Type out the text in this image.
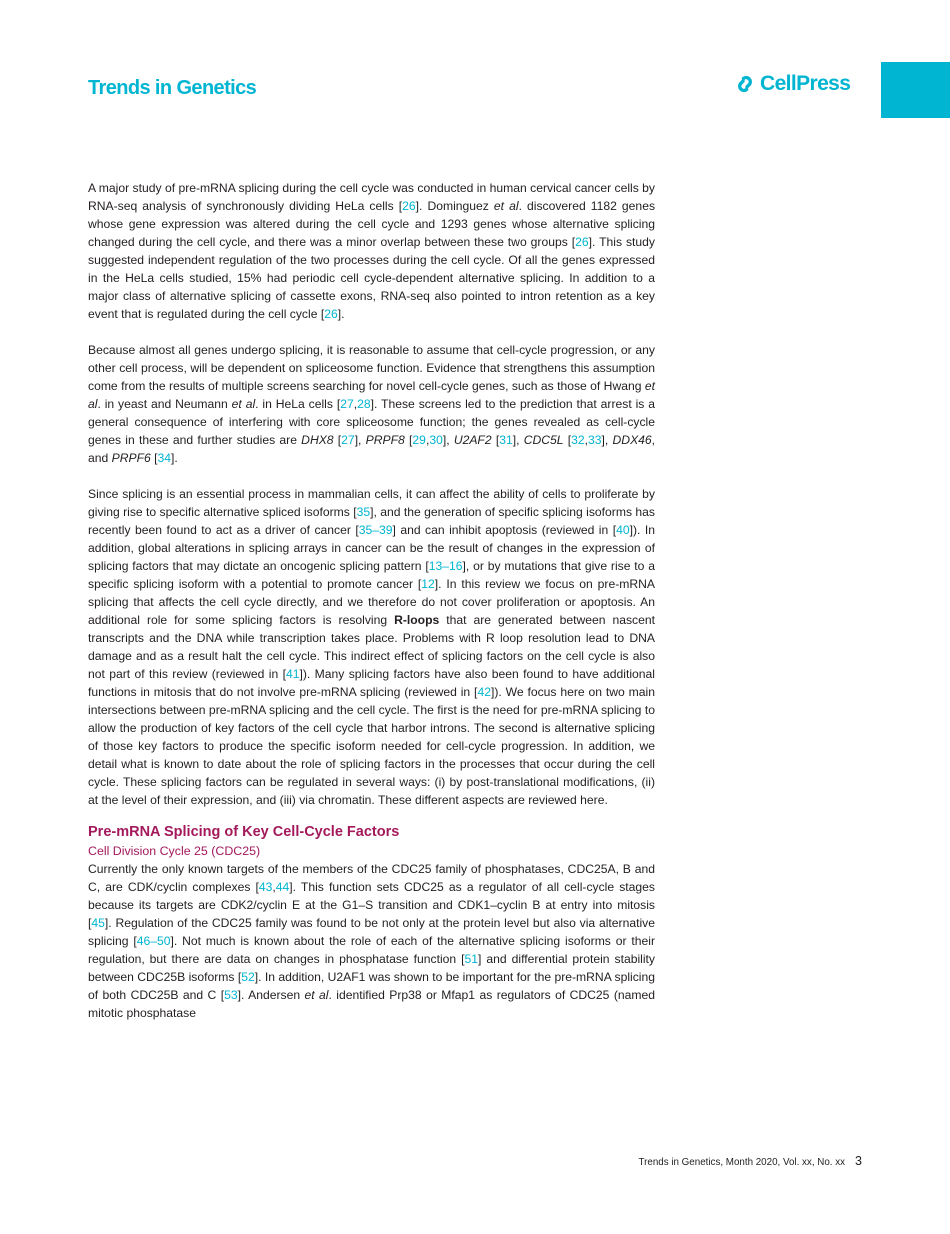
Trends in Genetics	CellPress

A major study of pre-mRNA splicing during the cell cycle was conducted in human cervical cancer cells by RNA-seq analysis of synchronously dividing HeLa cells [26]. Dominguez et al. discovered 1182 genes whose gene expression was altered during the cell cycle and 1293 genes whose alternative splicing changed during the cell cycle, and there was a minor overlap between these two groups [26]. This study suggested independent regulation of the two processes during the cell cycle. Of all the genes expressed in the HeLa cells studied, 15% had periodic cell cycle-dependent alternative splicing. In addition to a major class of alternative splicing of cassette exons, RNA-seq also pointed to intron retention as a key event that is regulated during the cell cycle [26].

Because almost all genes undergo splicing, it is reasonable to assume that cell-cycle progression, or any other cell process, will be dependent on spliceosome function. Evidence that strengthens this assumption come from the results of multiple screens searching for novel cell-cycle genes, such as those of Hwang et al. in yeast and Neumann et al. in HeLa cells [27,28]. These screens led to the prediction that arrest is a general consequence of interfering with core spliceosome function; the genes revealed as cell-cycle genes in these and further studies are DHX8 [27], PRPF8 [29,30], U2AF2 [31], CDC5L [32,33], DDX46, and PRPF6 [34].

Since splicing is an essential process in mammalian cells, it can affect the ability of cells to proliferate by giving rise to specific alternative spliced isoforms [35], and the generation of specific splicing isoforms has recently been found to act as a driver of cancer [35–39] and can inhibit apoptosis (reviewed in [40]). In addition, global alterations in splicing arrays in cancer can be the result of changes in the expression of splicing factors that may dictate an oncogenic splicing pattern [13–16], or by mutations that give rise to a specific splicing isoform with a potential to promote cancer [12]. In this review we focus on pre-mRNA splicing that affects the cell cycle directly, and we therefore do not cover proliferation or apoptosis. An additional role for some splicing factors is resolving R-loops that are generated between nascent transcripts and the DNA while transcription takes place. Problems with R loop resolution lead to DNA damage and as a result halt the cell cycle. This indirect effect of splicing factors on the cell cycle is also not part of this review (reviewed in [41]). Many splicing factors have also been found to have additional functions in mitosis that do not involve pre-mRNA splicing (reviewed in [42]). We focus here on two main intersections between pre-mRNA splicing and the cell cycle. The first is the need for pre-mRNA splicing to allow the production of key factors of the cell cycle that harbor introns. The second is alternative splicing of those key factors to produce the specific isoform needed for cell-cycle progression. In addition, we detail what is known to date about the role of splicing factors in the processes that occur during the cell cycle. These splicing factors can be regulated in several ways: (i) by post-translational modifications, (ii) at the level of their expression, and (iii) via chromatin. These different aspects are reviewed here.

Pre-mRNA Splicing of Key Cell-Cycle Factors
Cell Division Cycle 25 (CDC25)

Currently the only known targets of the members of the CDC25 family of phosphatases, CDC25A, B and C, are CDK/cyclin complexes [43,44]. This function sets CDC25 as a regulator of all cell-cycle stages because its targets are CDK2/cyclin E at the G1–S transition and CDK1–cyclin B at entry into mitosis [45]. Regulation of the CDC25 family was found to be not only at the protein level but also via alternative splicing [46–50]. Not much is known about the role of each of the alternative splicing isoforms or their regulation, but there are data on changes in phosphatase function [51] and differential protein stability between CDC25B isoforms [52]. In addition, U2AF1 was shown to be important for the pre-mRNA splicing of both CDC25B and C [53]. Andersen et al. identified Prp38 or Mfap1 as regulators of CDC25 (named mitotic phosphatase

Trends in Genetics, Month 2020, Vol. xx, No. xx 3
